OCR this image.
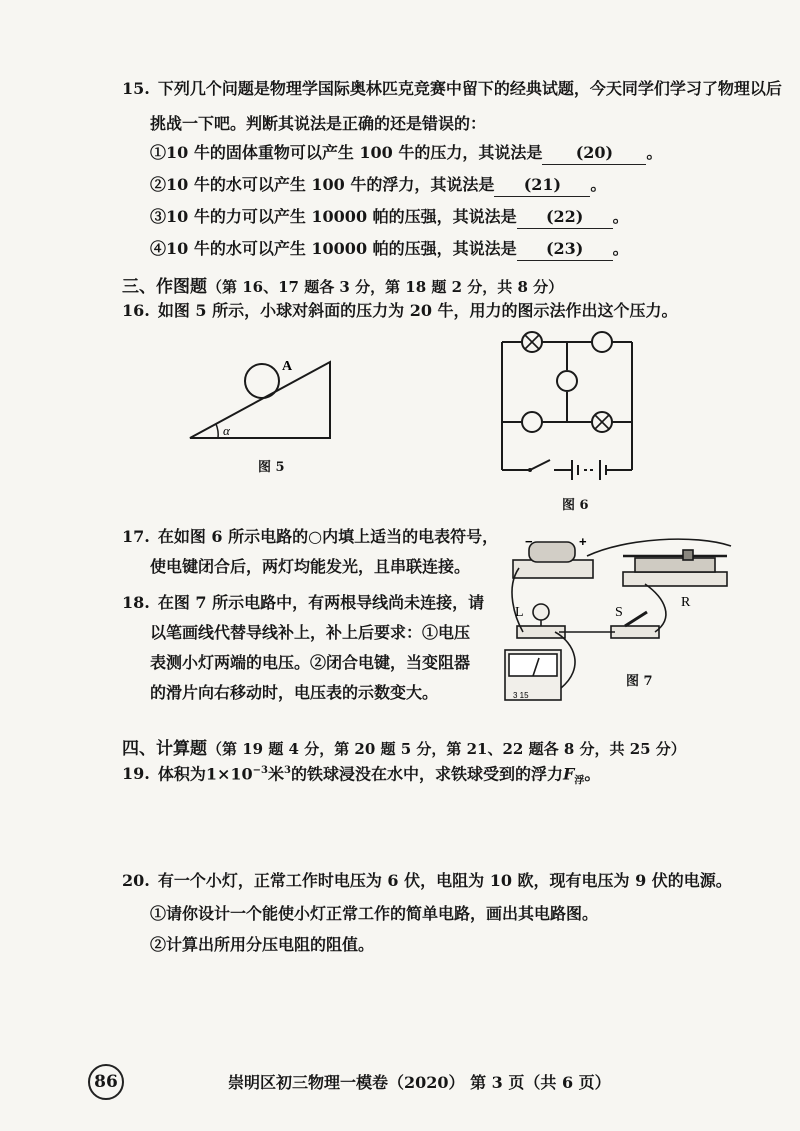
15. 下列几个问题是物理学国际奥林匹克竞赛中留下的经典试题，今天同学们学习了物理以后
挑战一下吧。判断其说法是正确的还是错误的：
①10 牛的固体重物可以产生 100 牛的压力，其说法是 (20) 。
②10 牛的水可以产生 100 牛的浮力，其说法是 (21) 。
③10 牛的力可以产生 10000 帕的压强，其说法是 (22) 。
④10 牛的水可以产生 10000 帕的压强，其说法是 (23) 。
三、作图题（第 16、17 题各 3 分，第 18 题 2 分，共 8 分）
16. 如图 5 所示，小球对斜面的压力为 20 牛，用力的图示法作出这个压力。
A
α
图 5
图 6
17. 在如图 6 所示电路的○内填上适当的电表符号，
使电键闭合后，两灯均能发光，且串联连接。
18. 在图 7 所示电路中，有两根导线尚未连接，请
以笔画线代替导线补上，补上后要求：①电压
表测小灯两端的电压。②闭合电键，当变阻器
的滑片向右移动时，电压表的示数变大。
−	+
L	S
R
3 15
图 7
四、计算题（第 19 题 4 分，第 20 题 5 分，第 21、22 题各 8 分，共 25 分）
19. 体积为$1\times 10^{-3}$米$^3$的铁球浸没在水中，求铁球受到的浮力$F_浮$。
20. 有一个小灯，正常工作时电压为 6 伏，电阻为 10 欧，现有电压为 9 伏的电源。
①请你设计一个能使小灯正常工作的简单电路，画出其电路图。
②计算出所用分压电阻的阻值。
86	崇明区初三物理一模卷（2020） 第 3 页（共 6 页）
